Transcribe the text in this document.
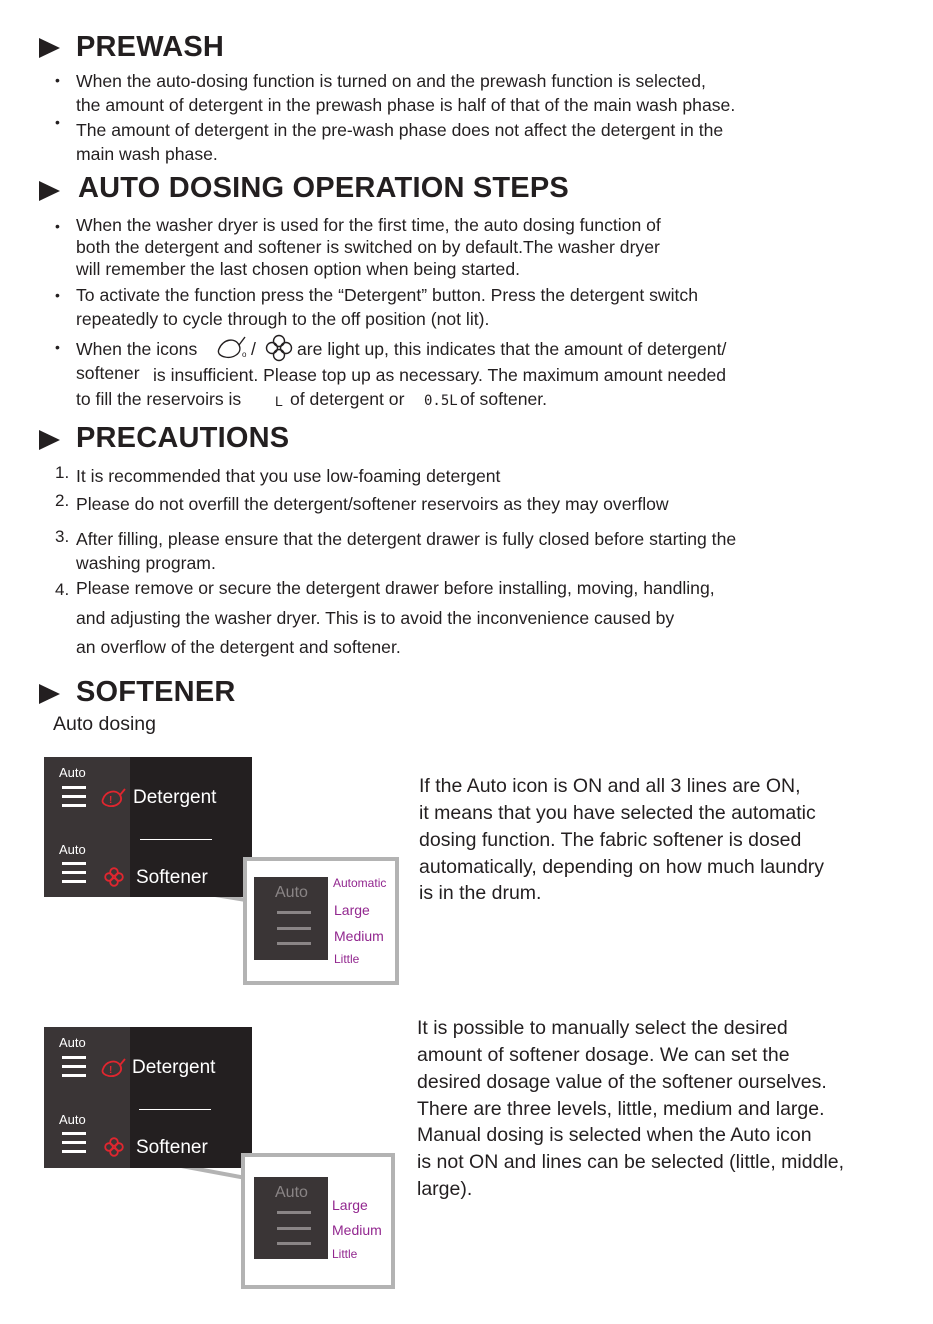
PREWASH
• When the auto-dosing function is turned on and the prewash function is selected,
the amount of detergent in the prewash phase is half of that of the main wash phase.
• The amount of detergent in the pre-wash phase does not affect the detergent in the
main wash phase.
AUTO DOSING OPERATION STEPS
• When the washer dryer is used for the first time, the auto dosing function of
both the detergent and softener is switched on by default.The washer dryer
will remember the last chosen option when being started.
• To activate the function press the “Detergent” button. Press the detergent switch
repeatedly to cycle through to the off position (not lit).
• When the icons	o / are light up, this indicates that the amount of detergent/
softener is insufficient. Please top up as necessary. The maximum amount needed
to fill the reservoirs is L of detergent or 0.5L of softener.
PRECAUTIONS
1. It is recommended that you use low-foaming detergent
2. Please do not overfill the detergent/softener reservoirs as they may overflow
3. After filling, please ensure that the detergent drawer is fully closed before starting the
washing program.
4. Please remove or secure the detergent drawer before installing, moving, handling,
and adjusting the washer dryer. This is to avoid the inconvenience caused by
an overflow of the detergent and softener.
SOFTENER
Auto dosing
Auto
! Detergent
Auto
Softener
Auto
Automatic
Large
Medium
Little
If the Auto icon is ON and all 3 lines are ON,
it means that you have selected the automatic
dosing function. The fabric softener is dosed
automatically, depending on how much laundry
is in the drum.
Auto
! Detergent
Auto
Softener
Auto
Large
Medium
Little
It is possible to manually select the desired
amount of softener dosage. We can set the
desired dosage value of the softener ourselves.
There are three levels, little, medium and large.
Manual dosing is selected when the Auto icon
is not ON and lines can be selected (little, middle,
large).
